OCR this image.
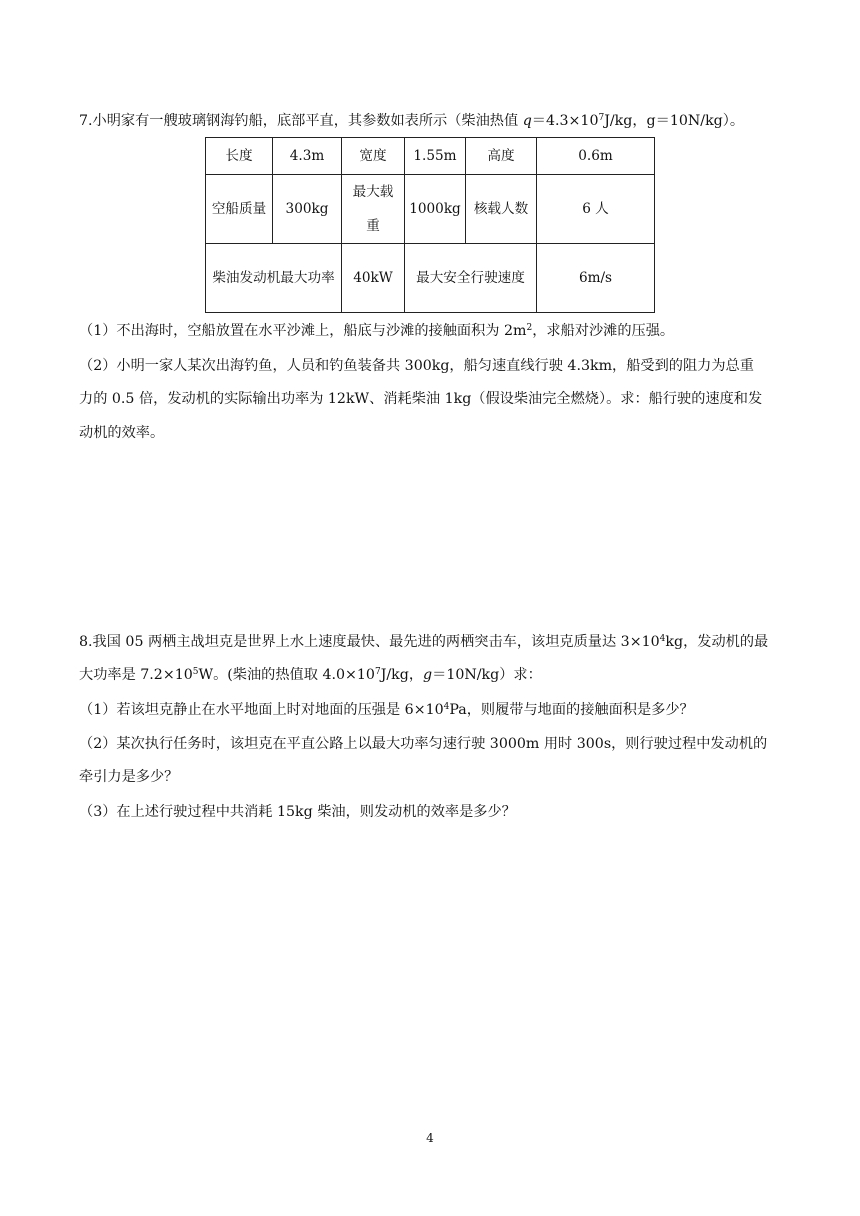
7.小明家有一艘玻璃钢海钓船，底部平直，其参数如表所示（柴油热值 $q=4.3\times 10^7J/kg$，g＝10N/kg）。
长度	4.3m	宽度	1.55m	高度	0.6m
空船质量	300kg	最大载重	1000kg	核载人数	6 人
柴油发动机最大功率		40kW	最大安全行驶速度		6m/s
（1）不出海时，空船放置在水平沙滩上，船底与沙滩的接触面积为 $2m^2$，求船对沙滩的压强。
（2）小明一家人某次出海钓鱼，人员和钓鱼装备共 300kg，船匀速直线行驶 4.3km，船受到的阻力为总重
力的 0.5 倍，发动机的实际输出功率为 12kW、消耗柴油 1kg（假设柴油完全燃烧）。求：船行驶的速度和发
动机的效率。
8.我国 05 两栖主战坦克是世界上水上速度最快、最先进的两栖突击车，该坦克质量达 $3\times 10^4kg$，发动机的最
大功率是 $7.2\times 10^5W$。(柴油的热值取 $4.0\times 10^7J/kg$，g＝10N/kg）求：
（1）若该坦克静止在水平地面上时对地面的压强是 $6\times 10^4Pa$，则履带与地面的接触面积是多少？
（2）某次执行任务时，该坦克在平直公路上以最大功率匀速行驶 3000m 用时 300s，则行驶过程中发动机的
牵引力是多少？
（3）在上述行驶过程中共消耗 15kg 柴油，则发动机的效率是多少？
4
